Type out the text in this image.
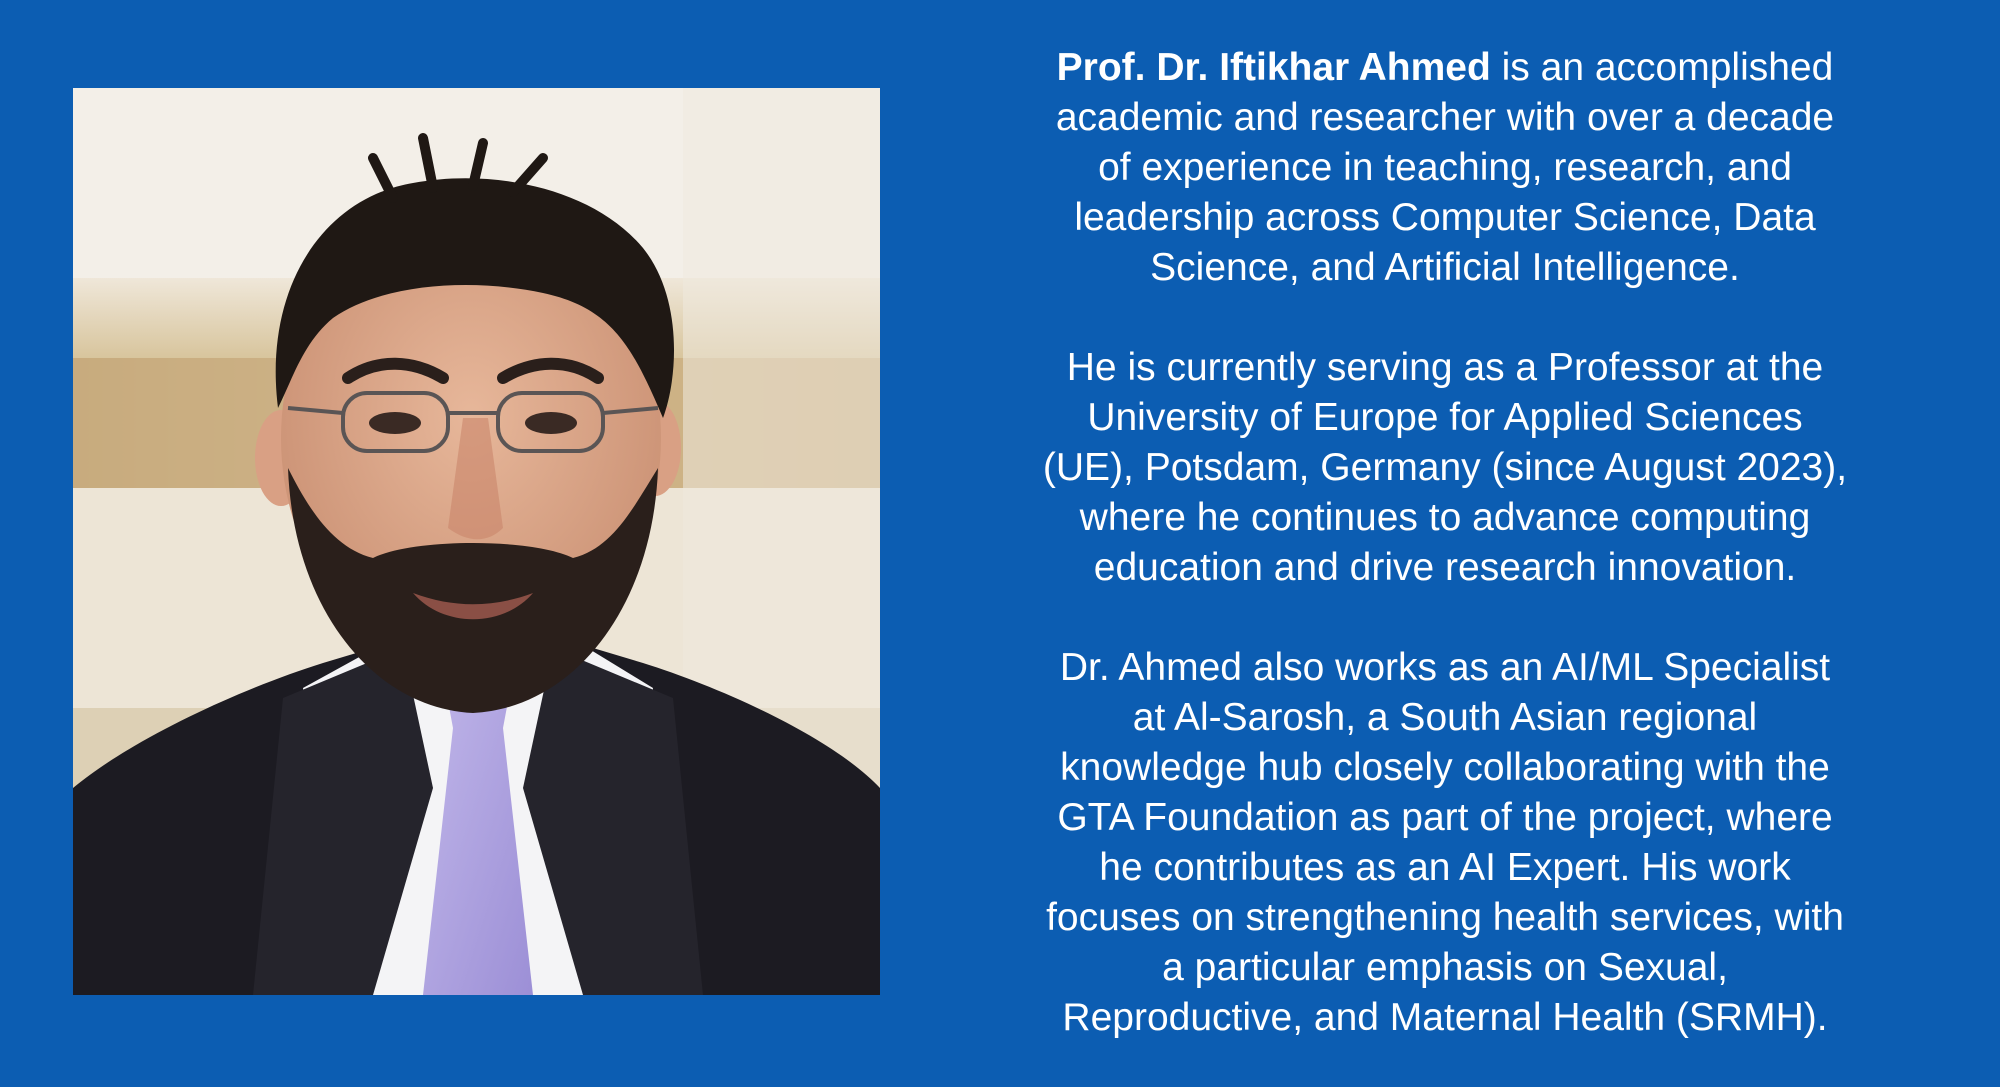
Prof. Dr. Iftikhar Ahmed is an accomplished
academic and researcher with over a decade
of experience in teaching, research, and
leadership across Computer Science, Data
Science, and Artificial Intelligence.

He is currently serving as a Professor at the
University of Europe for Applied Sciences
(UE), Potsdam, Germany (since August 2023),
where he continues to advance computing
education and drive research innovation.

Dr. Ahmed also works as an AI/ML Specialist
at Al-Sarosh, a South Asian regional
knowledge hub closely collaborating with the
GTA Foundation as part of the project, where
he contributes as an AI Expert. His work
focuses on strengthening health services, with
a particular emphasis on Sexual,
Reproductive, and Maternal Health (SRMH).
